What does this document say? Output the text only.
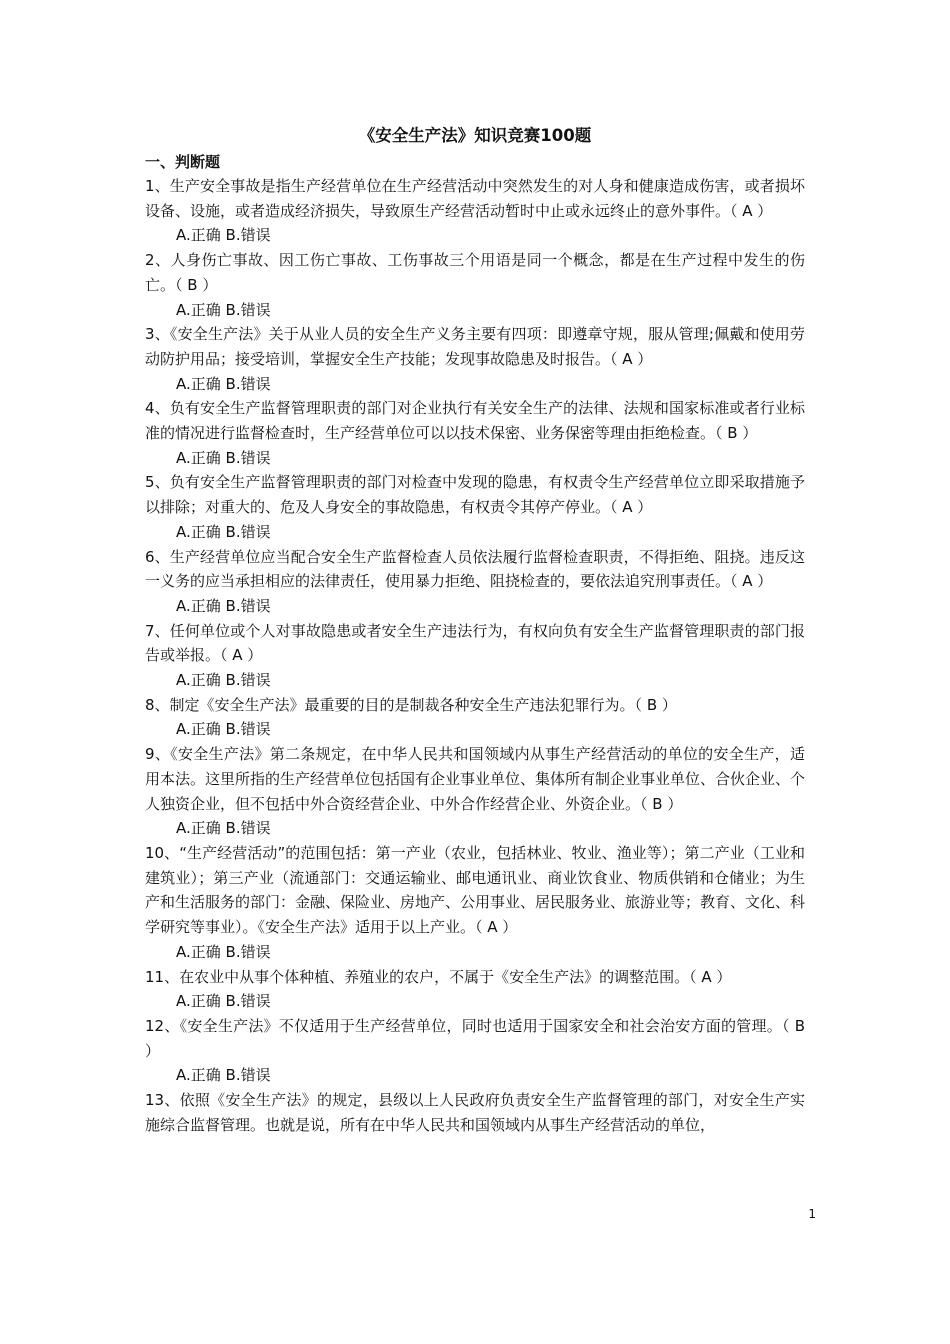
《安全生产法》知识竞赛100题
一、判断题
1、生产安全事故是指生产经营单位在生产经营活动中突然发生的对人身和健康造成伤害，或者损坏设备、设施，或者造成经济损失，导致原生产经营活动暂时中止或永远终止的意外事件。（ A ）
A.正确 B.错误
2、人身伤亡事故、因工伤亡事故、工伤事故三个用语是同一个概念，都是在生产过程中发生的伤亡。（ B ）
A.正确 B.错误
3、《安全生产法》关于从业人员的安全生产义务主要有四项：即遵章守规，服从管理;佩戴和使用劳动防护用品；接受培训，掌握安全生产技能；发现事故隐患及时报告。（ A ）
A.正确 B.错误
4、负有安全生产监督管理职责的部门对企业执行有关安全生产的法律、法规和国家标准或者行业标准的情况进行监督检查时，生产经营单位可以以技术保密、业务保密等理由拒绝检查。（ B ）
A.正确 B.错误
5、负有安全生产监督管理职责的部门对检查中发现的隐患，有权责令生产经营单位立即采取措施予以排除；对重大的、危及人身安全的事故隐患，有权责令其停产停业。（ A ）
A.正确 B.错误
6、生产经营单位应当配合安全生产监督检查人员依法履行监督检查职责，不得拒绝、阻挠。违反这一义务的应当承担相应的法律责任，使用暴力拒绝、阻挠检查的，要依法追究刑事责任。（ A ）
A.正确 B.错误
7、任何单位或个人对事故隐患或者安全生产违法行为，有权向负有安全生产监督管理职责的部门报告或举报。（ A ）
A.正确 B.错误
8、制定《安全生产法》最重要的目的是制裁各种安全生产违法犯罪行为。（ B ）
A.正确 B.错误
9、《安全生产法》第二条规定，在中华人民共和国领域内从事生产经营活动的单位的安全生产，适用本法。这里所指的生产经营单位包括国有企业事业单位、集体所有制企业事业单位、合伙企业、个人独资企业，但不包括中外合资经营企业、中外合作经营企业、外资企业。（ B ）
A.正确 B.错误
10、“生产经营活动”的范围包括：第一产业（农业，包括林业、牧业、渔业等）；第二产业（工业和建筑业）；第三产业（流通部门：交通运输业、邮电通讯业、商业饮食业、物质供销和仓储业；为生产和生活服务的部门：金融、保险业、房地产、公用事业、居民服务业、旅游业等；教育、文化、科学研究等事业）。《安全生产法》适用于以上产业。（ A ）
A.正确 B.错误
11、在农业中从事个体种植、养殖业的农户，不属于《安全生产法》的调整范围。（ A ）
A.正确 B.错误
12、《安全生产法》不仅适用于生产经营单位，同时也适用于国家安全和社会治安方面的管理。（ B ）
A.正确 B.错误
13、依照《安全生产法》的规定，县级以上人民政府负责安全生产监督管理的部门，对安全生产实施综合监督管理。也就是说，所有在中华人民共和国领域内从事生产经营活动的单位，
1
